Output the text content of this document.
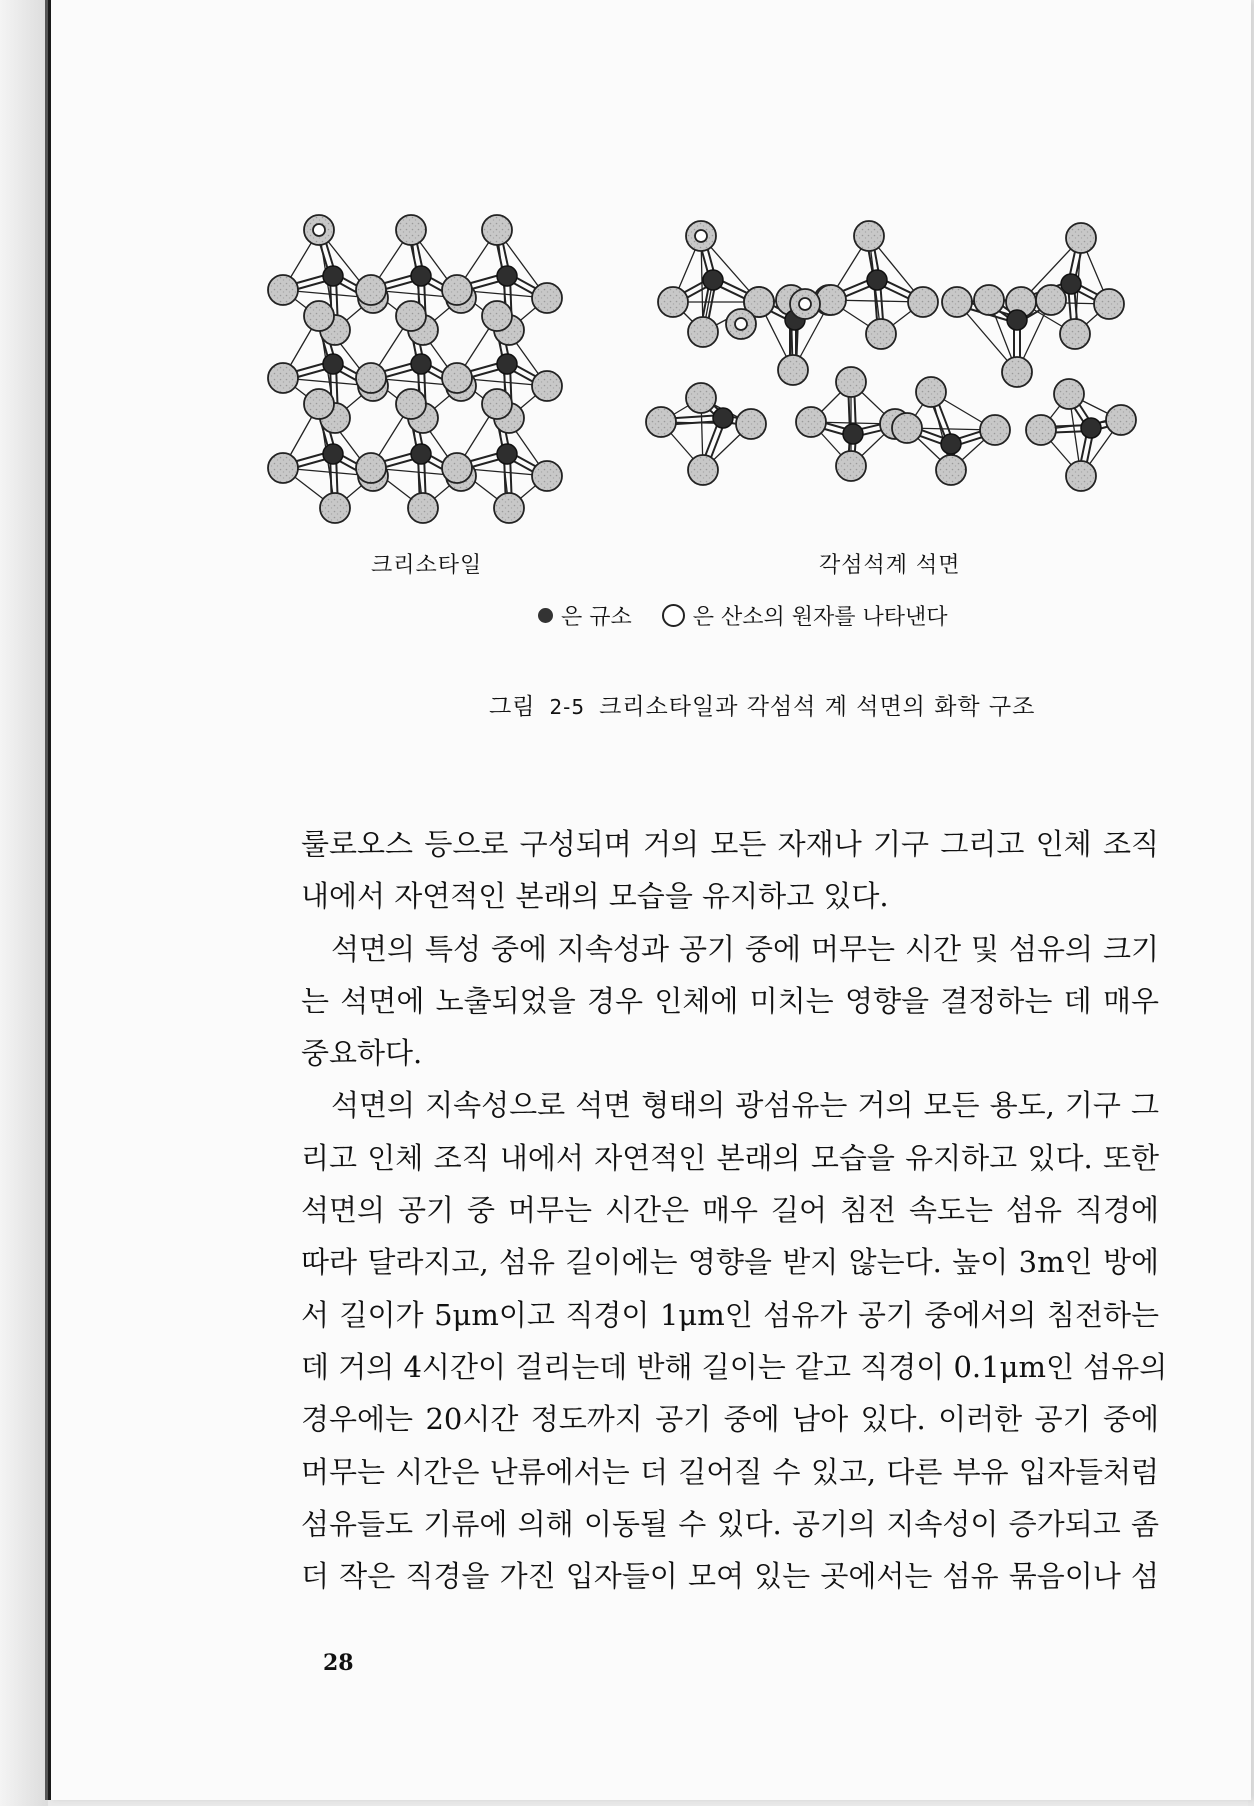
크리소타일	각섬석계 석면
은 규소	은 산소의 원자를 나타낸다
그림 2-5 크리소타일과 각섬석 계 석면의 화학 구조
룰로오스 등으로 구성되며 거의 모든 자재나 기구 그리고 인체 조직
내에서 자연적인 본래의 모습을 유지하고 있다.
석면의 특성 중에 지속성과 공기 중에 머무는 시간 및 섬유의 크기
는 석면에 노출되었을 경우 인체에 미치는 영향을 결정하는 데 매우
중요하다.
석면의 지속성으로 석면 형태의 광섬유는 거의 모든 용도, 기구 그
리고 인체 조직 내에서 자연적인 본래의 모습을 유지하고 있다. 또한
석면의 공기 중 머무는 시간은 매우 길어 침전 속도는 섬유 직경에
따라 달라지고, 섬유 길이에는 영향을 받지 않는다. 높이 3m인 방에
서 길이가 5μm이고 직경이 1μm인 섬유가 공기 중에서의 침전하는
데 거의 4시간이 걸리는데 반해 길이는 같고 직경이 0.1μm인 섬유의
경우에는 20시간 정도까지 공기 중에 남아 있다. 이러한 공기 중에
머무는 시간은 난류에서는 더 길어질 수 있고, 다른 부유 입자들처럼
섬유들도 기류에 의해 이동될 수 있다. 공기의 지속성이 증가되고 좀
더 작은 직경을 가진 입자들이 모여 있는 곳에서는 섬유 묶음이나 섬
28
